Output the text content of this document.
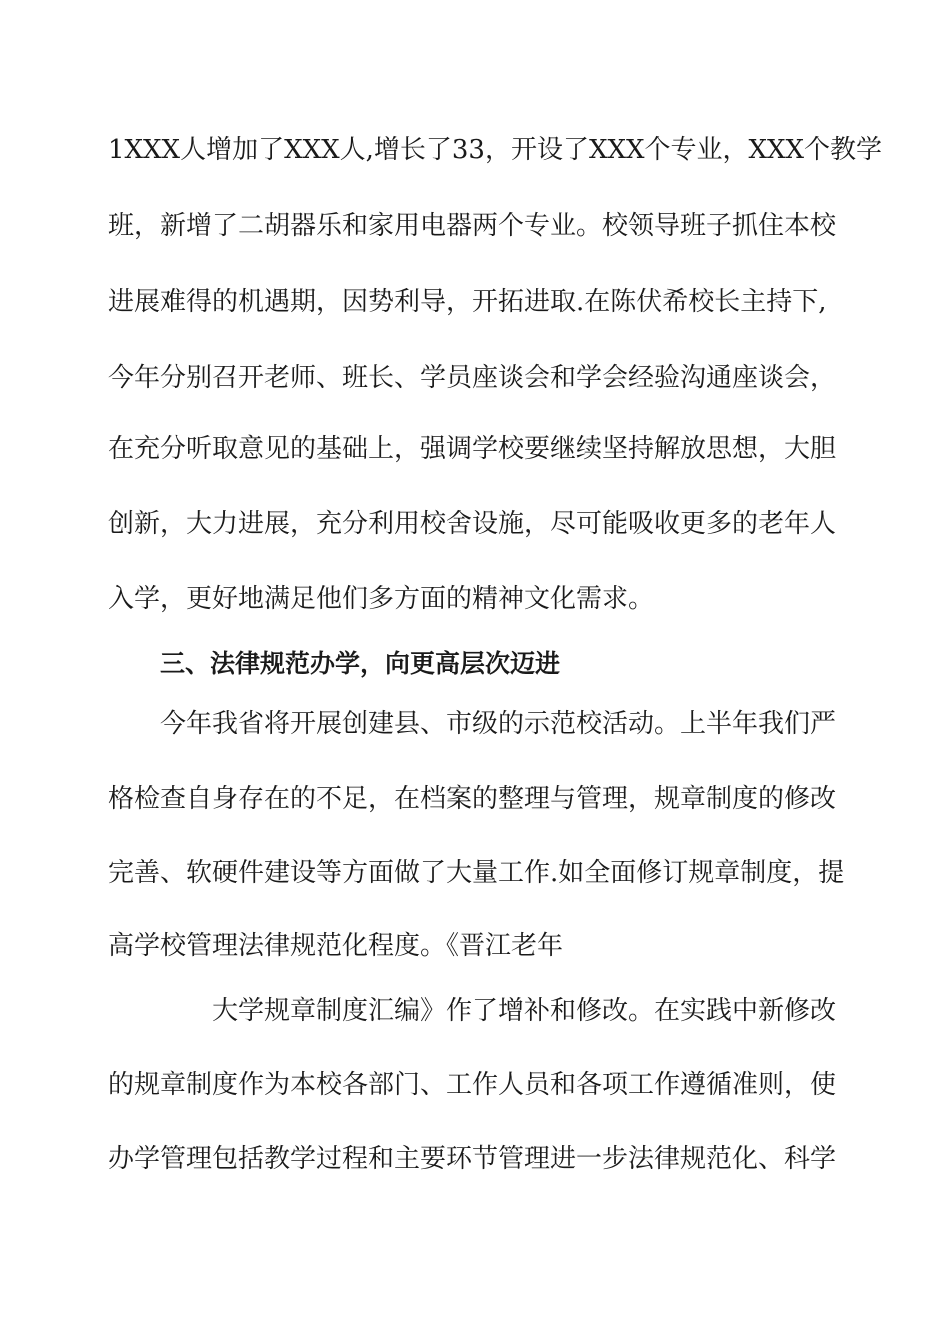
1XXX人增加了XXX人,增长了33，开设了XXX个专业，XXX个教学
班，新增了二胡器乐和家用电器两个专业。校领导班子抓住本校
进展难得的机遇期，因势利导，开拓进取.在陈伏希校长主持下,
今年分别召开老师、班长、学员座谈会和学会经验沟通座谈会，
在充分听取意见的基础上，强调学校要继续坚持解放思想，大胆
创新，大力进展，充分利用校舍设施，尽可能吸收更多的老年人
入学，更好地满足他们多方面的精神文化需求。
三、法律规范办学，向更高层次迈进
今年我省将开展创建县、市级的示范校活动。上半年我们严
格检查自身存在的不足，在档案的整理与管理，规章制度的修改
完善、软硬件建设等方面做了大量工作.如全面修订规章制度，提
高学校管理法律规范化程度。《晋江老年
大学规章制度汇编》作了增补和修改。在实践中新修改
的规章制度作为本校各部门、工作人员和各项工作遵循准则，使
办学管理包括教学过程和主要环节管理进一步法律规范化、科学
